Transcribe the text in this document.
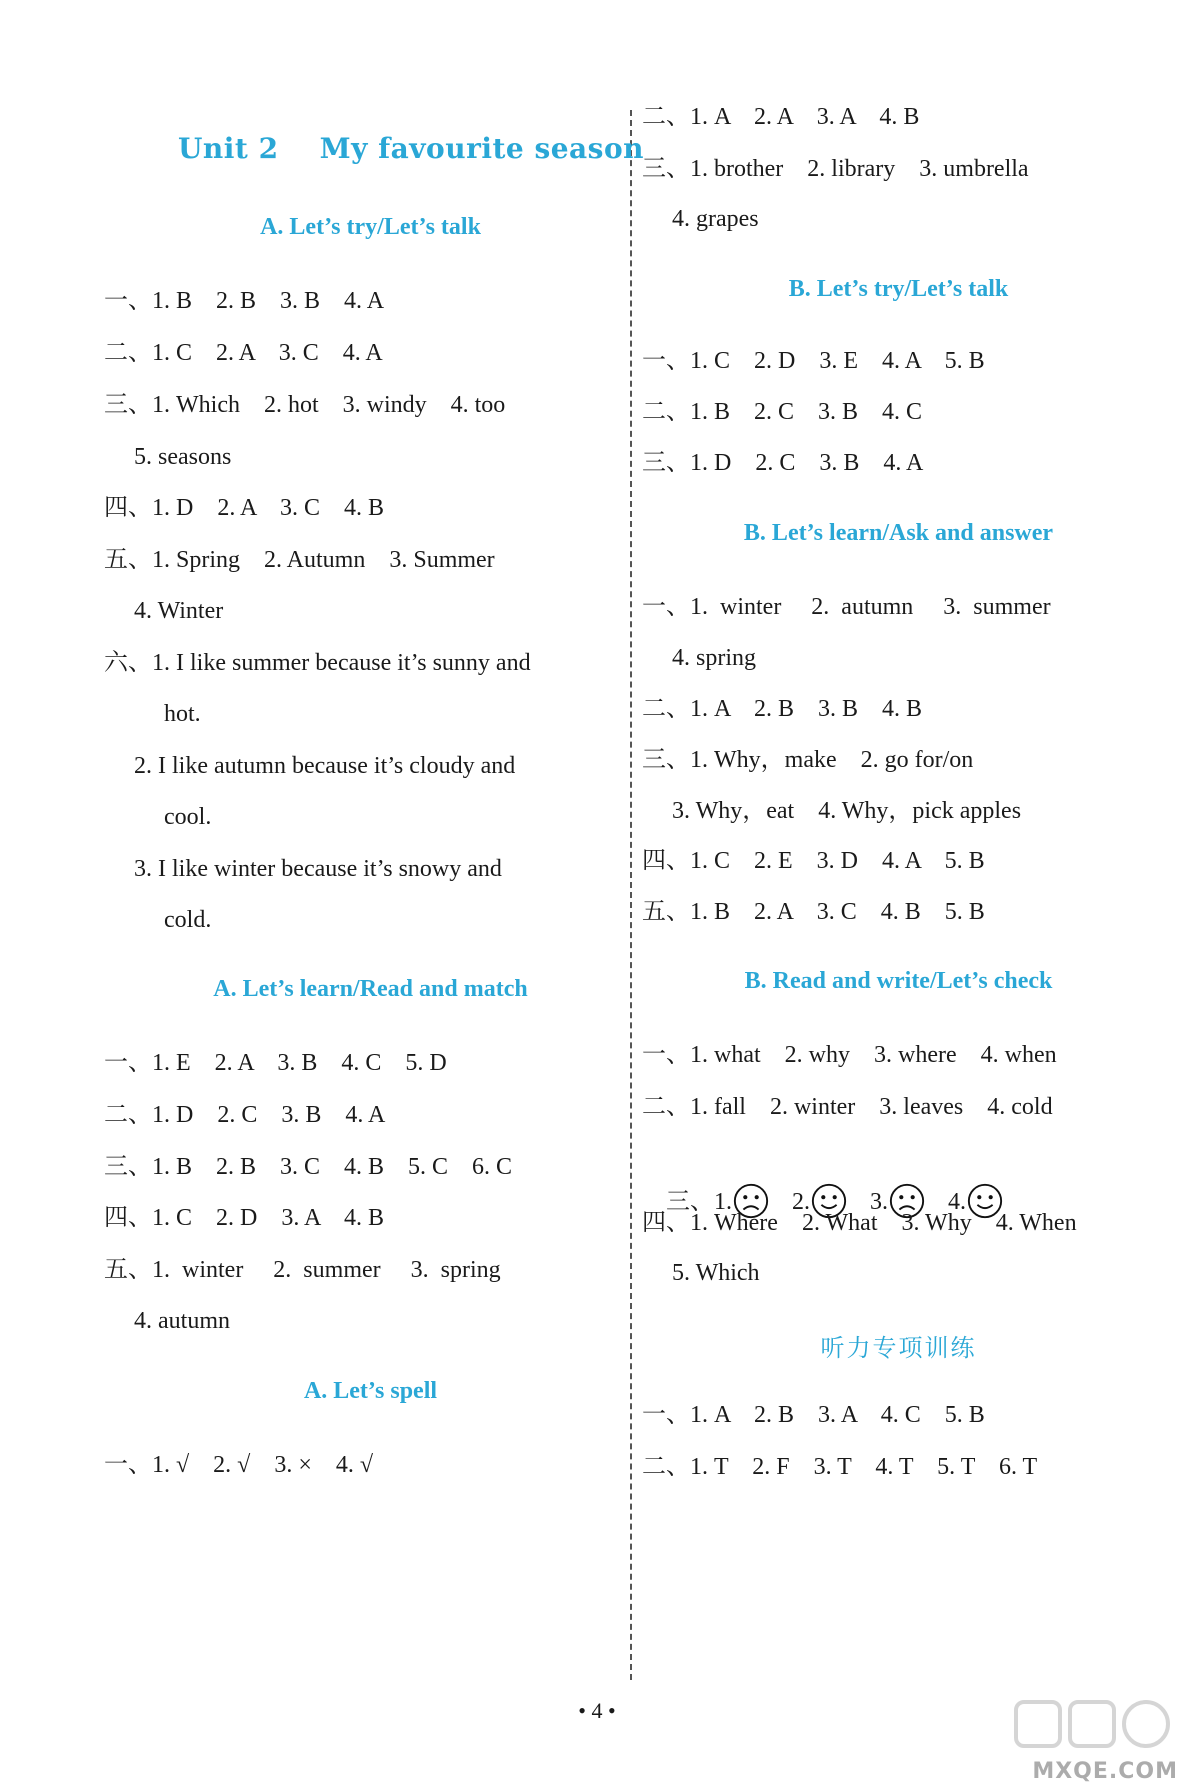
Unit 2    My favourite season
A. Let’s try/Let’s talk
一、1. B    2. B    3. B    4. A
二、1. C    2. A    3. C    4. A
三、1. Which    2. hot    3. windy    4. too
5. seasons
四、1. D    2. A    3. C    4. B
五、1. Spring    2. Autumn    3. Summer
4. Winter
六、1. I like summer because it’s sunny and
hot.
2. I like autumn because it’s cloudy and
cool.
3. I like winter because it’s snowy and
cold.
A. Let’s learn/Read and match
一、1. E    2. A    3. B    4. C    5. D
二、1. D    2. C    3. B    4. A
三、1. B    2. B    3. C    4. B    5. C    6. C
四、1. C    2. D    3. A    4. B
五、1.  winter     2.  summer     3.  spring
4. autumn
A. Let’s spell
一、1. √    2. √    3. ×    4. √
二、1. A    2. A    3. A    4. B
三、1. brother    2. library    3. umbrella
4. grapes
B. Let’s try/Let’s talk
一、1. C    2. D    3. E    4. A    5. B
二、1. B    2. C    3. B    4. C
三、1. D    2. C    3. B    4. A
B. Let’s learn/Ask and answer
一、1.  winter     2.  autumn     3.  summer
4. spring
二、1. A    2. B    3. B    4. B
三、1. Why，make    2. go for/on
3. Why，eat    4. Why，pick apples
四、1. C    2. E    3. D    4. A    5. B
五、1. B    2. A    3. C    4. B    5. B
B. Read and write/Let’s check
一、1. what    2. why    3. where    4. when
二、1. fall    2. winter    3. leaves    4. cold

三、1.	2.	3.	4.

四、1. Where    2. What    3. Why    4. When
5. Which
听力专项训练
一、1. A    2. B    3. A    4. C    5. B
二、1. T    2. F    3. T    4. T    5. T    6. T
• 4 •
MXQE.COM
